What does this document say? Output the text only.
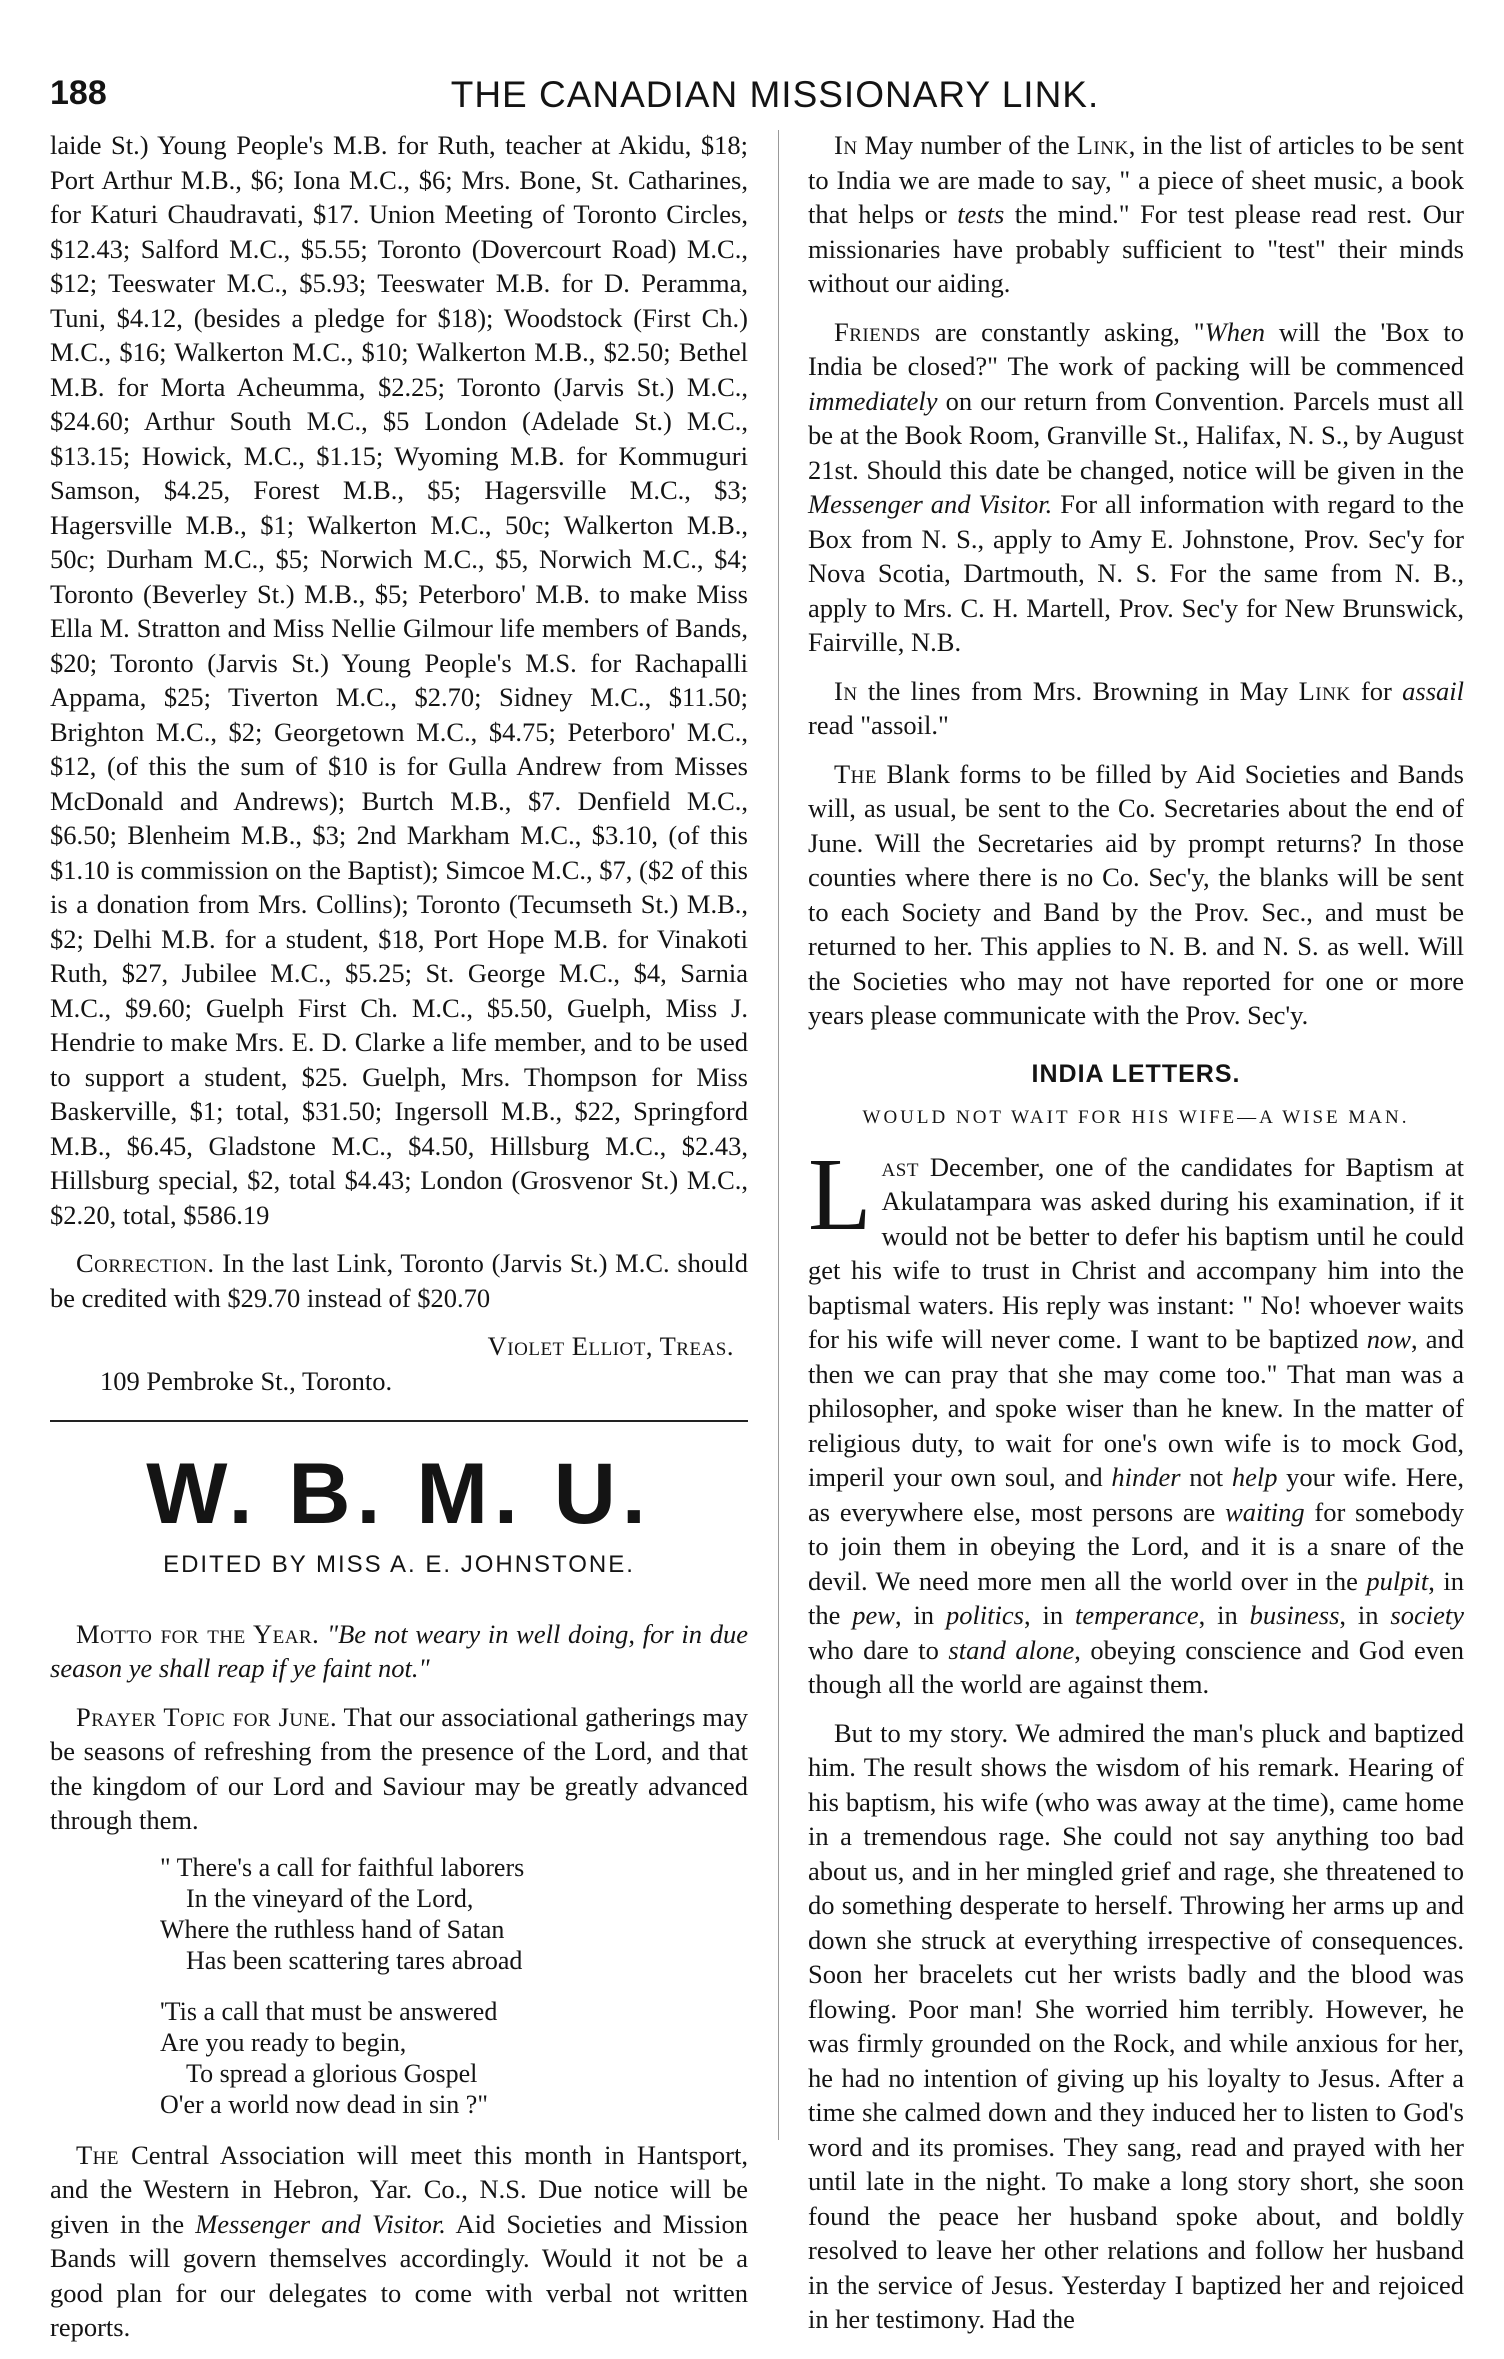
188	THE CANADIAN MISSIONARY LINK.

laide St.) Young People's M.B. for Ruth, teacher at Akidu, $18; Port Arthur M.B., $6; Iona M.C., $6; Mrs. Bone, St. Catharines, for Katuri Chaudravati, $17. Union Meeting of Toronto Circles, $12.43; Salford M.C., $5.55; Toronto (Dovercourt Road) M.C., $12; Teeswater M.C., $5.93; Teeswater M.B. for D. Peramma, Tuni, $4.12, (besides a pledge for $18); Woodstock (First Ch.) M.C., $16; Walkerton M.C., $10; Walkerton M.B., $2.50; Bethel M.B. for Morta Acheumma, $2.25; Toronto (Jarvis St.) M.C., $24.60; Arthur South M.C., $5 London (Adelade St.) M.C., $13.15; Howick, M.C., $1.15; Wyoming M.B. for Kommuguri Samson, $4.25, Forest M.B., $5; Hagersville M.C., $3; Hagersville M.B., $1; Walkerton M.C., 50c; Walkerton M.B., 50c; Durham M.C., $5; Norwich M.C., $5, Norwich M.C., $4; Toronto (Beverley St.) M.B., $5; Peterboro' M.B. to make Miss Ella M. Stratton and Miss Nellie Gilmour life members of Bands, $20; Toronto (Jarvis St.) Young People's M.S. for Rachapalli Appama, $25; Tiverton M.C., $2.70; Sidney M.C., $11.50; Brighton M.C., $2; Georgetown M.C., $4.75; Peterboro' M.C., $12, (of this the sum of $10 is for Gulla Andrew from Misses McDonald and Andrews); Burtch M.B., $7. Denfield M.C., $6.50; Blenheim M.B., $3; 2nd Markham M.C., $3.10, (of this $1.10 is commission on the Baptist); Simcoe M.C., $7, ($2 of this is a donation from Mrs. Collins); Toronto (Tecumseth St.) M.B., $2; Delhi M.B. for a student, $18, Port Hope M.B. for Vinakoti Ruth, $27, Jubilee M.C., $5.25; St. George M.C., $4, Sarnia M.C., $9.60; Guelph First Ch. M.C., $5.50, Guelph, Miss J. Hendrie to make Mrs. E. D. Clarke a life member, and to be used to support a student, $25. Guelph, Mrs. Thompson for Miss Baskerville, $1; total, $31.50; Ingersoll M.B., $22, Springford M.B., $6.45, Gladstone M.C., $4.50, Hillsburg M.C., $2.43, Hillsburg special, $2, total $4.43; London (Grosvenor St.) M.C., $2.20, total, $586.19

Correction. In the last Link, Toronto (Jarvis St.) M.C. should be credited with $29.70 instead of $20.70

Violet Elliot, Treas.

109 Pembroke St., Toronto.

W. B. M. U.
EDITED BY MISS A. E. JOHNSTONE.

Motto for the Year. "Be not weary in well doing, for in due season ye shall reap if ye faint not."

Prayer Topic for June. That our associational gatherings may be seasons of refreshing from the presence of the Lord, and that the kingdom of our Lord and Saviour may be greatly advanced through them.

" There's a call for faithful laborers
In the vineyard of the Lord,
Where the ruthless hand of Satan
Has been scattering tares abroad
'Tis a call that must be answered
Are you ready to begin,
To spread a glorious Gospel
O'er a world now dead in sin ?"

The Central Association will meet this month in Hantsport, and the Western in Hebron, Yar. Co., N.S. Due notice will be given in the Messenger and Visitor. Aid Societies and Mission Bands will govern themselves accordingly. Would it not be a good plan for our delegates to come with verbal not written reports.

In May number of the Link, in the list of articles to be sent to India we are made to say, " a piece of sheet music, a book that helps or tests the mind." For test please read rest. Our missionaries have probably sufficient to "test" their minds without our aiding.

Friends are constantly asking, "When will the 'Box to India be closed?" The work of packing will be commenced immediately on our return from Convention. Parcels must all be at the Book Room, Granville St., Halifax, N. S., by August 21st. Should this date be changed, notice will be given in the Messenger and Visitor. For all information with regard to the Box from N. S., apply to Amy E. Johnstone, Prov. Sec'y for Nova Scotia, Dartmouth, N. S. For the same from N. B., apply to Mrs. C. H. Martell, Prov. Sec'y for New Brunswick, Fairville, N.B.

In the lines from Mrs. Browning in May Link for assail read "assoil."

The Blank forms to be filled by Aid Societies and Bands will, as usual, be sent to the Co. Secretaries about the end of June. Will the Secretaries aid by prompt returns? In those counties where there is no Co. Sec'y, the blanks will be sent to each Society and Band by the Prov. Sec., and must be returned to her. This applies to N. B. and N. S. as well. Will the Societies who may not have reported for one or more years please communicate with the Prov. Sec'y.

INDIA LETTERS.
WOULD NOT WAIT FOR HIS WIFE—A WISE MAN.

Last December, one of the candidates for Baptism at Akulatampara was asked during his examination, if it would not be better to defer his baptism until he could get his wife to trust in Christ and accompany him into the baptismal waters. His reply was instant: " No! whoever waits for his wife will never come. I want to be baptized now, and then we can pray that she may come too." That man was a philosopher, and spoke wiser than he knew. In the matter of religious duty, to wait for one's own wife is to mock God, imperil your own soul, and hinder not help your wife. Here, as everywhere else, most persons are waiting for somebody to join them in obeying the Lord, and it is a snare of the devil. We need more men all the world over in the pulpit, in the pew, in politics, in temperance, in business, in society who dare to stand alone, obeying conscience and God even though all the world are against them.

But to my story. We admired the man's pluck and baptized him. The result shows the wisdom of his remark. Hearing of his baptism, his wife (who was away at the time), came home in a tremendous rage. She could not say anything too bad about us, and in her mingled grief and rage, she threatened to do something desperate to herself. Throwing her arms up and down she struck at everything irrespective of consequences. Soon her bracelets cut her wrists badly and the blood was flowing. Poor man! She worried him terribly. However, he was firmly grounded on the Rock, and while anxious for her, he had no intention of giving up his loyalty to Jesus. After a time she calmed down and they induced her to listen to God's word and its promises. They sang, read and prayed with her until late in the night. To make a long story short, she soon found the peace her husband spoke about, and boldly resolved to leave her other relations and follow her husband in the service of Jesus. Yesterday I baptized her and rejoiced in her testimony. Had the
